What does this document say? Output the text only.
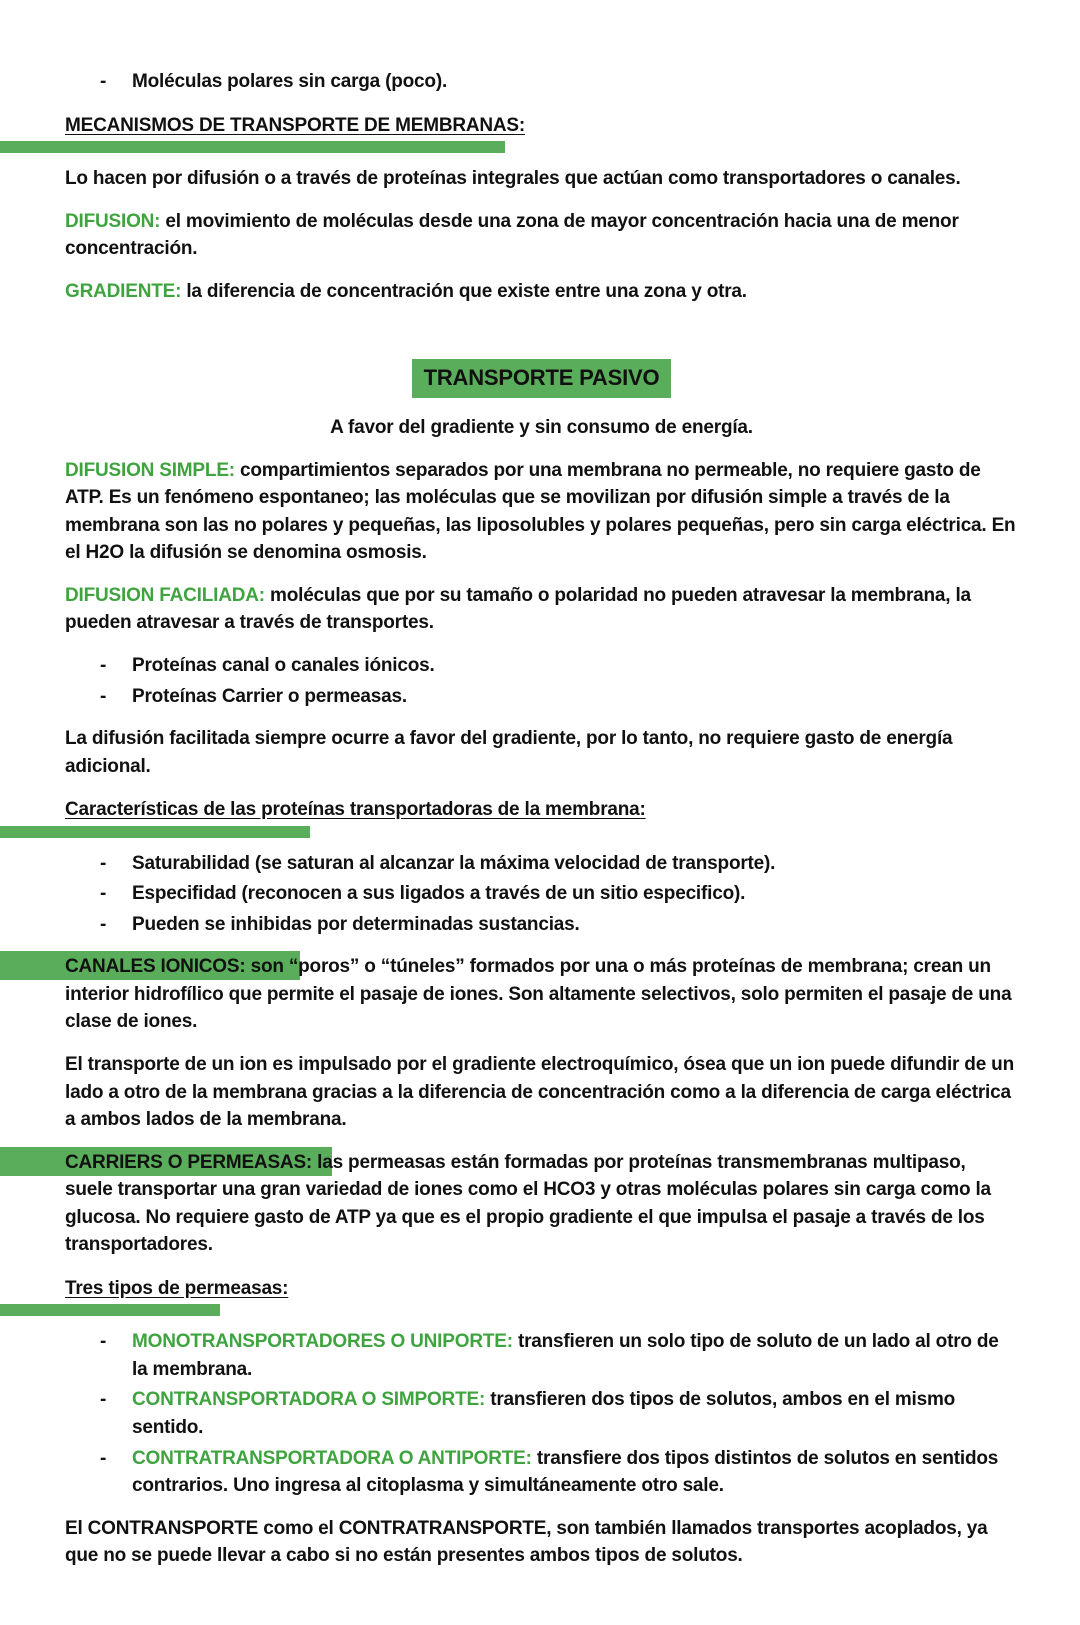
-	Moléculas polares sin carga (poco).
MECANISMOS DE TRANSPORTE DE MEMBRANAS:

Lo hacen por difusión o a través de proteínas integrales que actúan como transportadores o canales.

DIFUSION: el movimiento de moléculas desde una zona de mayor concentración hacia una de menor concentración.

GRADIENTE: la diferencia de concentración que existe entre una zona y otra.

TRANSPORTE PASIVO

A favor del gradiente y sin consumo de energía.

DIFUSION SIMPLE: compartimientos separados por una membrana no permeable, no requiere gasto de ATP. Es un fenómeno espontaneo; las moléculas que se movilizan por difusión simple a través de la membrana son las no polares y pequeñas, las liposolubles y polares pequeñas, pero sin carga eléctrica. En el H2O la difusión se denomina osmosis.

DIFUSION FACILIADA: moléculas que por su tamaño o polaridad no pueden atravesar la membrana, la pueden atravesar a través de transportes.

-	Proteínas canal o canales iónicos.
-	Proteínas Carrier o permeasas.

La difusión facilitada siempre ocurre a favor del gradiente, por lo tanto, no requiere gasto de energía adicional.

Características de las proteínas transportadoras de la membrana:
-	Saturabilidad (se saturan al alcanzar la máxima velocidad de transporte).
-	Especifidad (reconocen a sus ligados a través de un sitio especifico).
-	Pueden se inhibidas por determinadas sustancias.

CANALES IONICOS: son “poros” o “túneles” formados por una o más proteínas de membrana; crean un interior hidrofílico que permite el pasaje de iones. Son altamente selectivos, solo permiten el pasaje de una clase de iones.

El transporte de un ion es impulsado por el gradiente electroquímico, ósea que un ion puede difundir de un lado a otro de la membrana gracias a la diferencia de concentración como a la diferencia de carga eléctrica a ambos lados de la membrana.

CARRIERS O PERMEASAS: las permeasas están formadas por proteínas transmembranas multipaso, suele transportar una gran variedad de iones como el HCO3 y otras moléculas polares sin carga como la glucosa. No requiere gasto de ATP ya que es el propio gradiente el que impulsa el pasaje a través de los transportadores.

Tres tipos de permeasas:
-	MONOTRANSPORTADORES O UNIPORTE: transfieren un solo tipo de soluto de un lado al otro de la membrana.
-	CONTRANSPORTADORA O SIMPORTE: transfieren dos tipos de solutos, ambos en el mismo sentido.
-	CONTRATRANSPORTADORA O ANTIPORTE: transfiere dos tipos distintos de solutos en sentidos contrarios. Uno ingresa al citoplasma y simultáneamente otro sale.

El CONTRANSPORTE como el CONTRATRANSPORTE, son también llamados transportes acoplados, ya que no se puede llevar a cabo si no están presentes ambos tipos de solutos.
